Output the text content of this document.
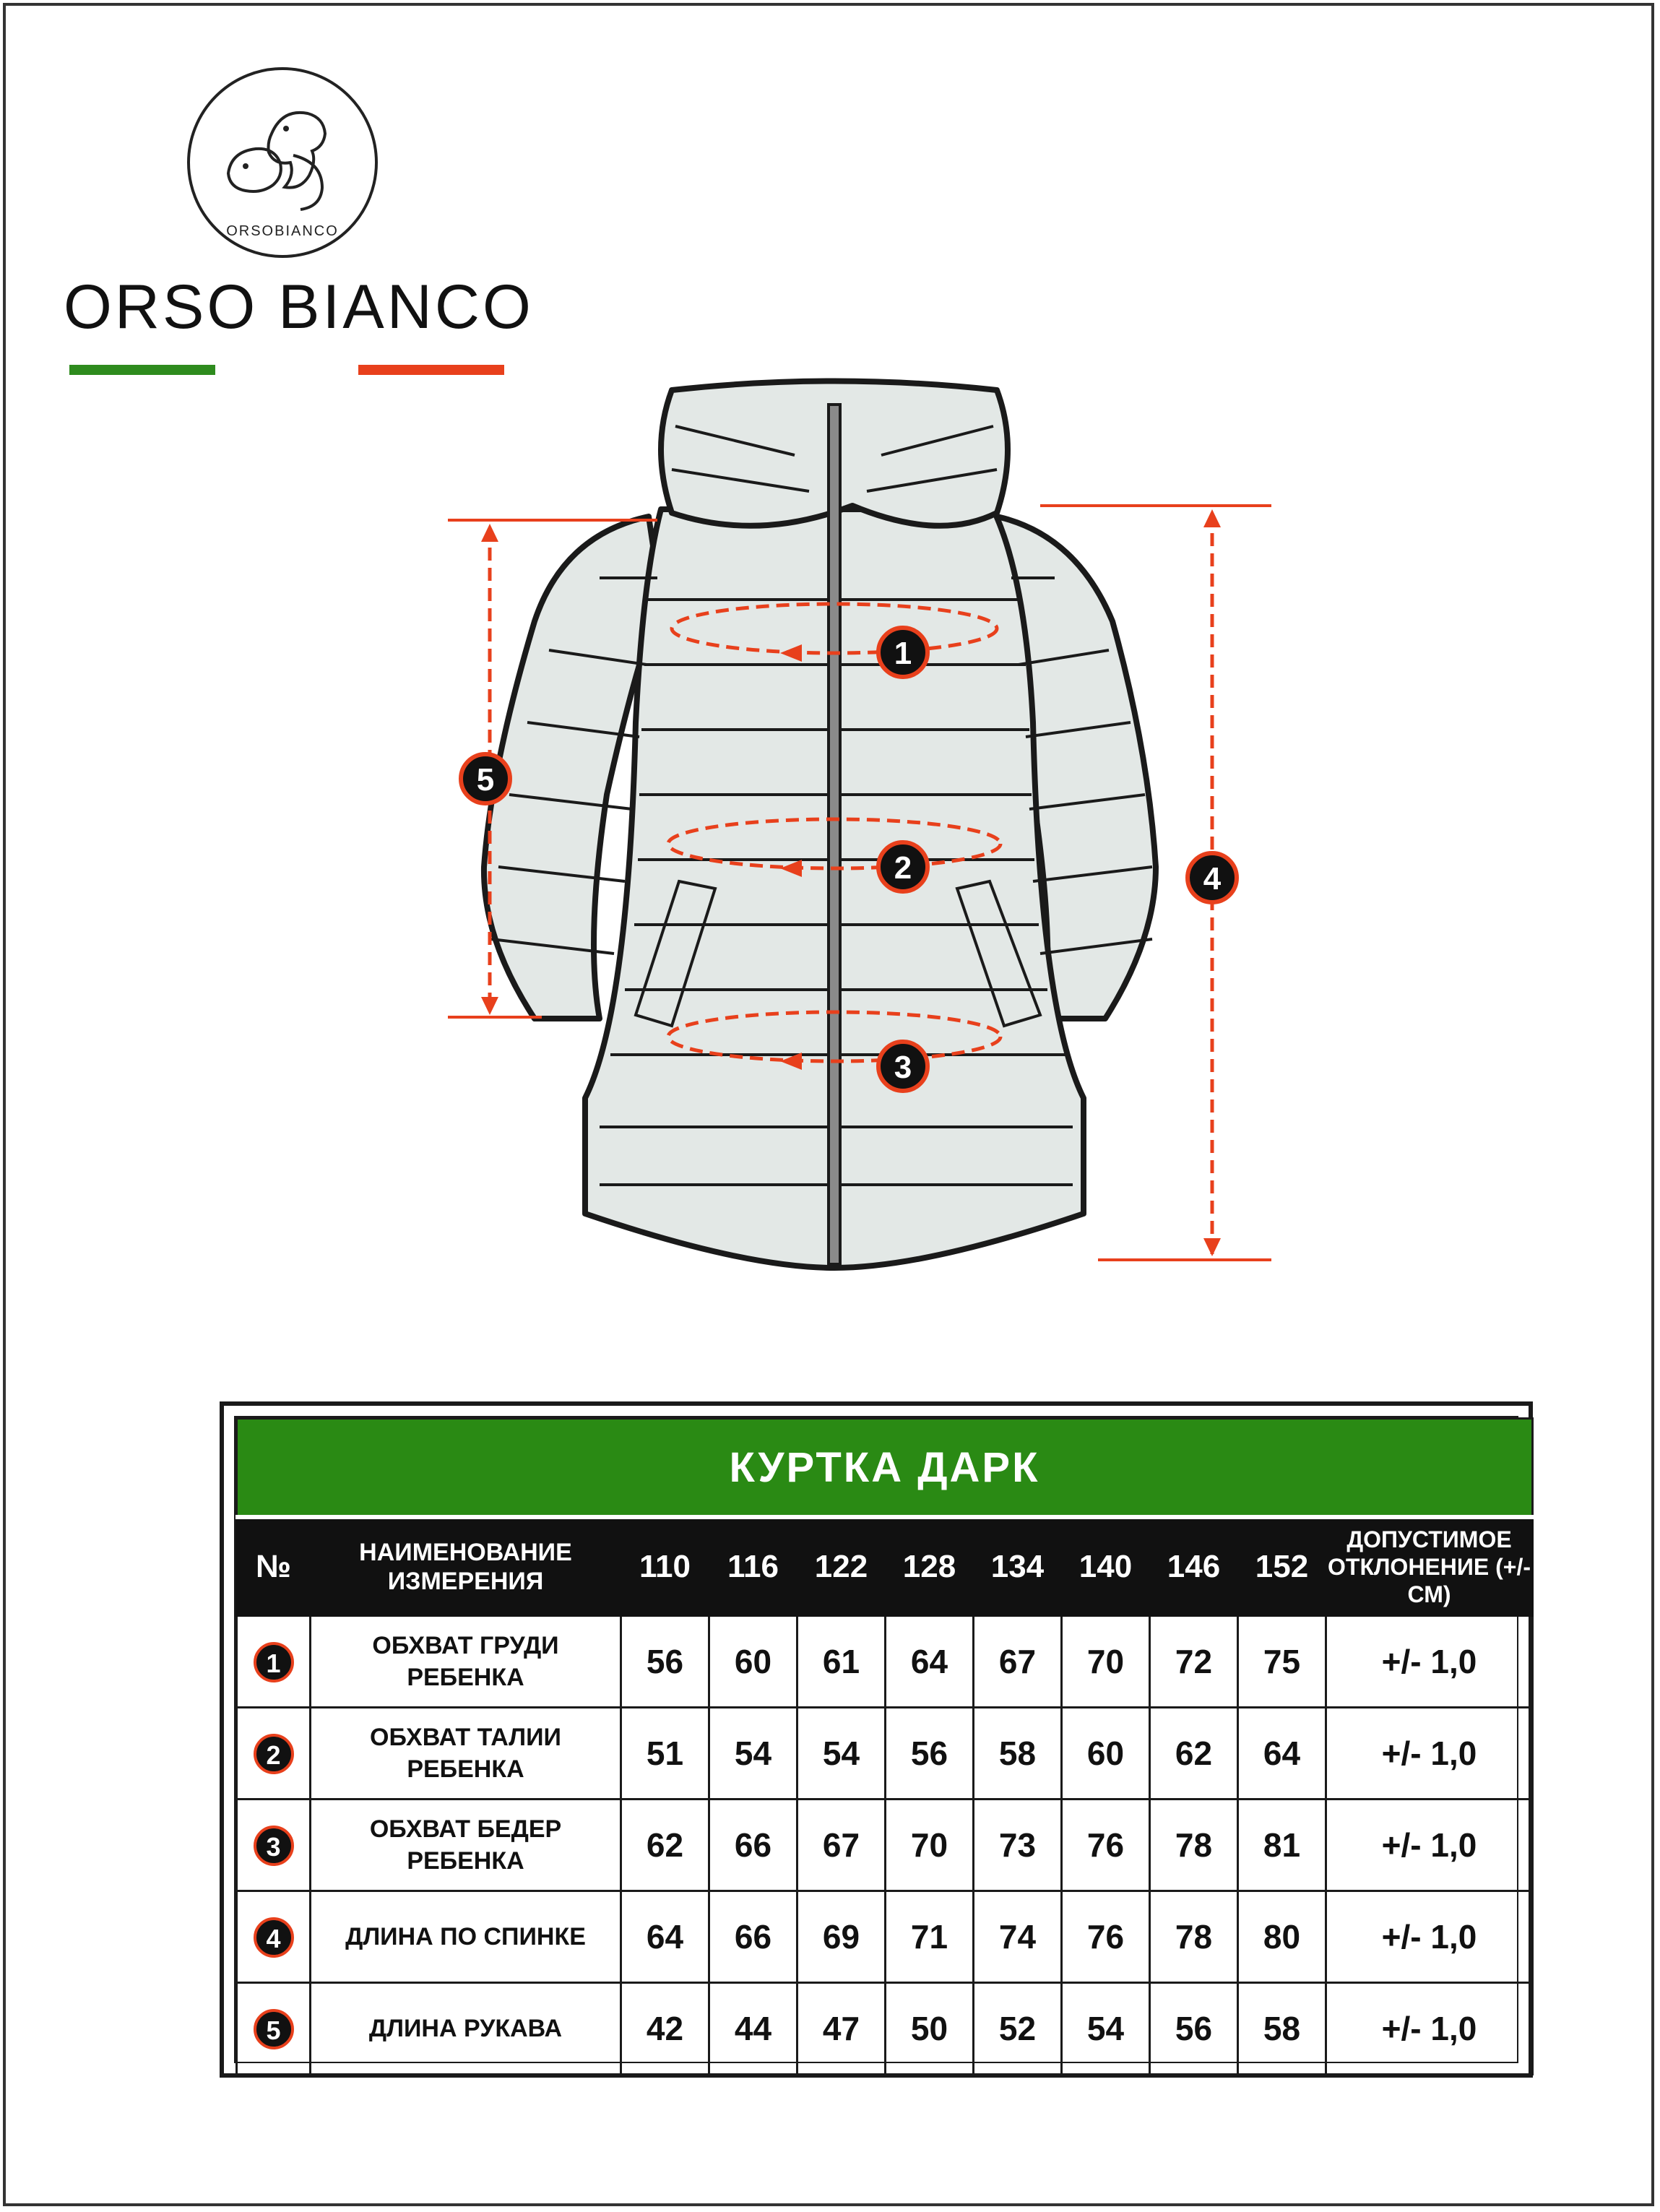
ORSOBIANCO
ORSO BIANCO
1
2
3
4
5
КУРТКА ДАРК										
№	НАИМЕНОВАНИЕ ИЗМЕРЕНИЯ	110	116	122	128	134	140	146	152	ДОПУСТИМОЕ ОТКЛОНЕНИЕ (+/-СМ)
1	ОБХВАТ ГРУДИ РЕБЕНКА	56	60	61	64	67	70	72	75	+/- 1,0
2	ОБХВАТ ТАЛИИ РЕБЕНКА	51	54	54	56	58	60	62	64	+/- 1,0
3	ОБХВАТ БЕДЕР РЕБЕНКА	62	66	67	70	73	76	78	81	+/- 1,0
4	ДЛИНА ПО СПИНКЕ	64	66	69	71	74	76	78	80	+/- 1,0
5	ДЛИНА РУКАВА	42	44	47	50	52	54	56	58	+/- 1,0
